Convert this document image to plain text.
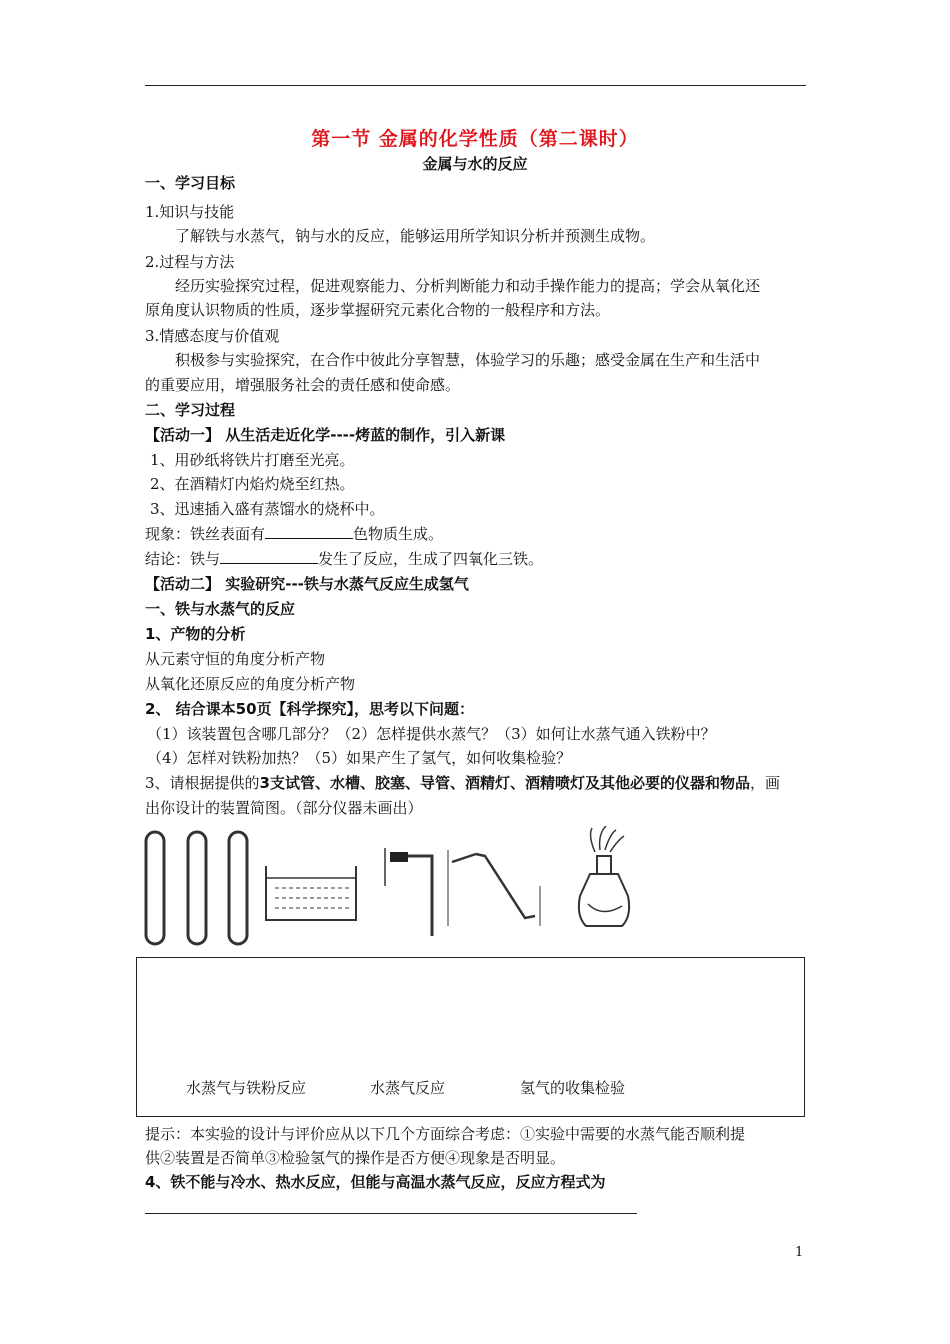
第一节 金属的化学性质（第二课时）
金属与水的反应
一、学习目标
1.知识与技能
了解铁与水蒸气，钠与水的反应，能够运用所学知识分析并预测生成物。
2.过程与方法
经历实验探究过程，促进观察能力、分析判断能力和动手操作能力的提高；学会从氧化还
原角度认识物质的性质，逐步掌握研究元素化合物的一般程序和方法。
3.情感态度与价值观
积极参与实验探究，在合作中彼此分享智慧，体验学习的乐趣；感受金属在生产和生活中
的重要应用，增强服务社会的责任感和使命感。
二、学习过程
【活动一】 从生活走近化学----烤蓝的制作，引入新课
1、用砂纸将铁片打磨至光亮。
2、在酒精灯内焰灼烧至红热。
3、迅速插入盛有蒸馏水的烧杯中。
现象：铁丝表面有	色物质生成。
结论：铁与	发生了反应，生成了四氧化三铁。
【活动二】 实验研究---铁与水蒸气反应生成氢气
一、铁与水蒸气的反应
1、产物的分析
从元素守恒的角度分析产物
从氧化还原反应的角度分析产物
2、 结合课本50页【科学探究】，思考以下问题：
（1）该装置包含哪几部分？（2）怎样提供水蒸气？（3）如何让水蒸气通入铁粉中？
（4）怎样对铁粉加热？（5）如果产生了氢气，如何收集检验？
3、请根据提供的3支试管、水槽、胶塞、导管、酒精灯、酒精喷灯及其他必要的仪器和物品，画
出你设计的装置简图。（部分仪器未画出）
水蒸气与铁粉反应	水蒸气反应	氢气的收集检验
提示：本实验的设计与评价应从以下几个方面综合考虑：①实验中需要的水蒸气能否顺利提
供②装置是否简单③检验氢气的操作是否方便④现象是否明显。
4、铁不能与冷水、热水反应，但能与高温水蒸气反应，反应方程式为
1
